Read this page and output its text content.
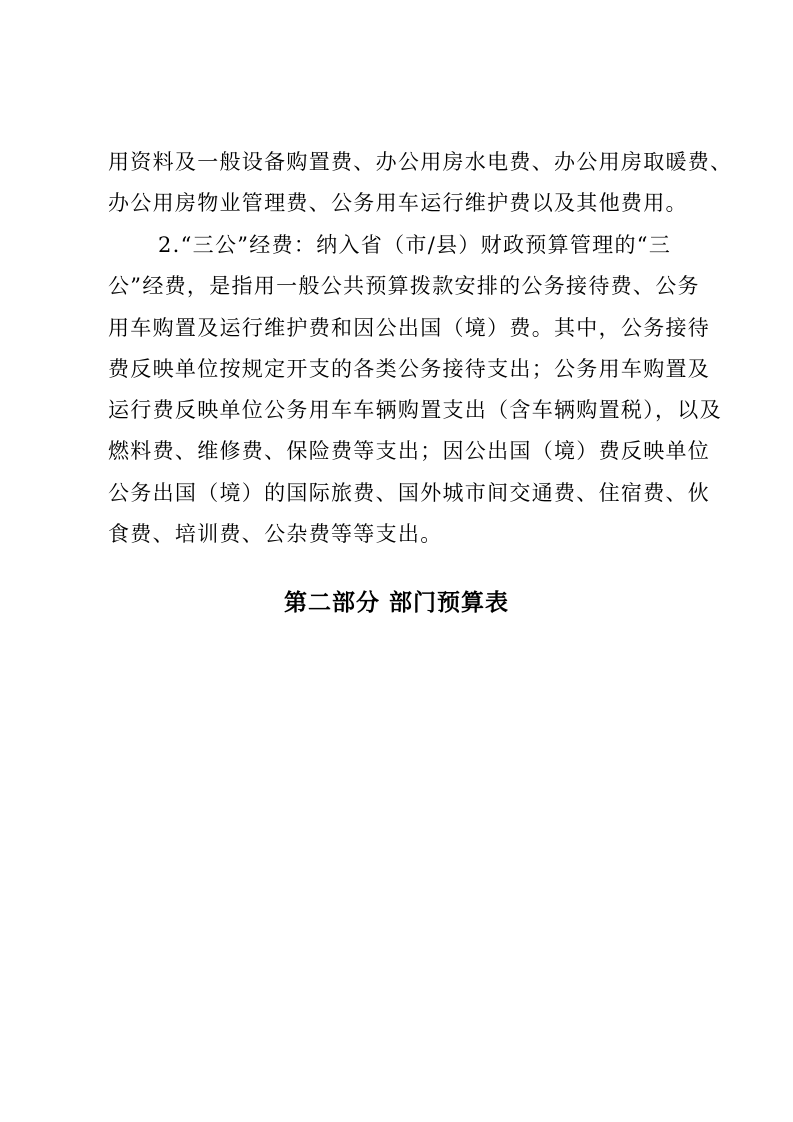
用资料及一般设备购置费、办公用房水电费、办公用房取暖费、
办公用房物业管理费、公务用车运行维护费以及其他费用。
2.“三公”经费：纳入省（市/县）财政预算管理的“三
公”经费，是指用一般公共预算拨款安排的公务接待费、公务
用车购置及运行维护费和因公出国（境）费。其中，公务接待
费反映单位按规定开支的各类公务接待支出；公务用车购置及
运行费反映单位公务用车车辆购置支出（含车辆购置税），以及
燃料费、维修费、保险费等支出；因公出国（境）费反映单位
公务出国（境）的国际旅费、国外城市间交通费、住宿费、伙
食费、培训费、公杂费等等支出。
第二部分 部门预算表
